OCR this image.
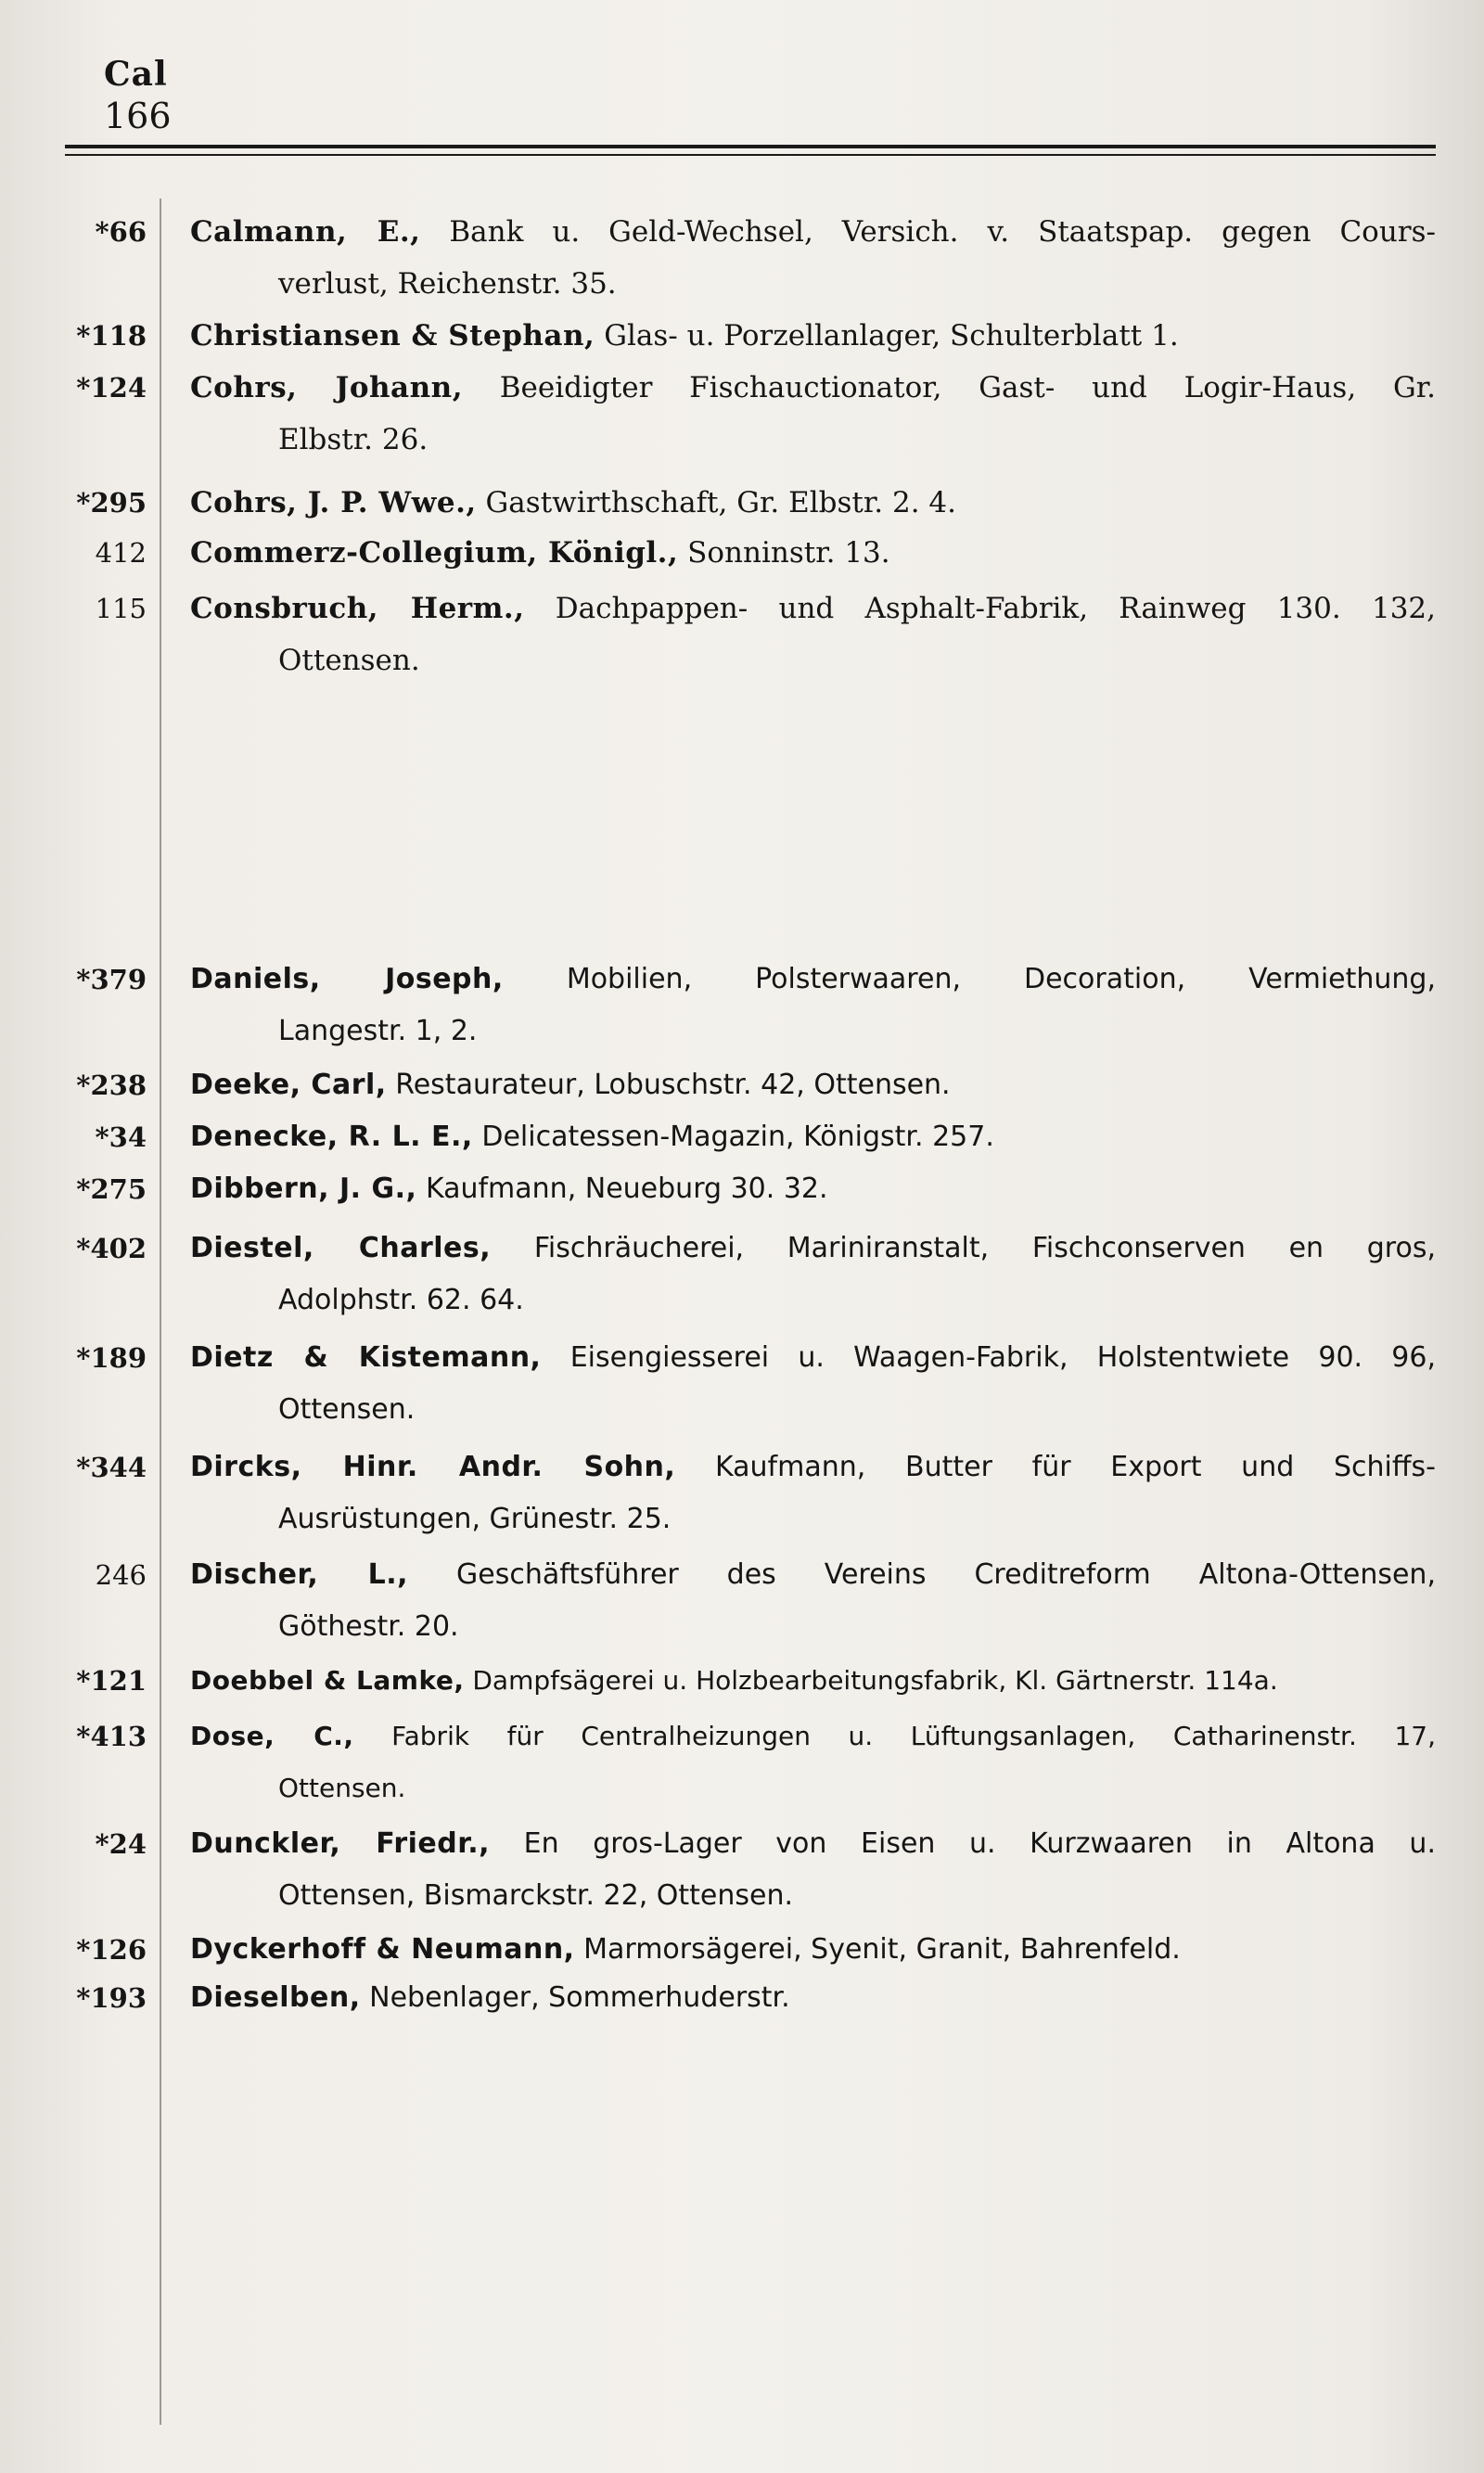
Cal
166
*66 Calmann, E., Bank u. Geld-Wechsel, Versich. v. Staatspap. gegen Cours-
verlust, Reichenstr. 35.
*118 Christiansen & Stephan, Glas- u. Porzellanlager, Schulterblatt 1.
*124 Cohrs, Johann, Beeidigter Fischauctionator, Gast- und Logir-Haus, Gr.
Elbstr. 26.
*295 Cohrs, J. P. Wwe., Gastwirthschaft, Gr. Elbstr. 2. 4.
412 Commerz-Collegium, Königl., Sonninstr. 13.
115 Consbruch, Herm., Dachpappen- und Asphalt-Fabrik, Rainweg 130. 132,
Ottensen.
*379 Daniels, Joseph, Mobilien, Polsterwaaren, Decoration, Vermiethung,
Langestr. 1, 2.
*238 Deeke, Carl, Restaurateur, Lobuschstr. 42, Ottensen.
*34 Denecke, R. L. E., Delicatessen-Magazin, Königstr. 257.
*275 Dibbern, J. G., Kaufmann, Neueburg 30. 32.
*402 Diestel, Charles, Fischräucherei, Mariniranstalt, Fischconserven en gros,
Adolphstr. 62. 64.
*189 Dietz & Kistemann, Eisengiesserei u. Waagen-Fabrik, Holstentwiete 90. 96,
Ottensen.
*344 Dircks, Hinr. Andr. Sohn, Kaufmann, Butter für Export und Schiffs-
Ausrüstungen, Grünestr. 25.
246 Discher, L., Geschäftsführer des Vereins Creditreform Altona-Ottensen,
Göthestr. 20.
*121 Doebbel & Lamke, Dampfsägerei u. Holzbearbeitungsfabrik, Kl. Gärtnerstr. 114a.
*413 Dose, C., Fabrik für Centralheizungen u. Lüftungsanlagen, Catharinenstr. 17,
Ottensen.
*24 Dunckler, Friedr., En gros-Lager von Eisen u. Kurzwaaren in Altona u.
Ottensen, Bismarckstr. 22, Ottensen.
*126 Dyckerhoff & Neumann, Marmorsägerei, Syenit, Granit, Bahrenfeld.
*193 Dieselben, Nebenlager, Sommerhuderstr.
